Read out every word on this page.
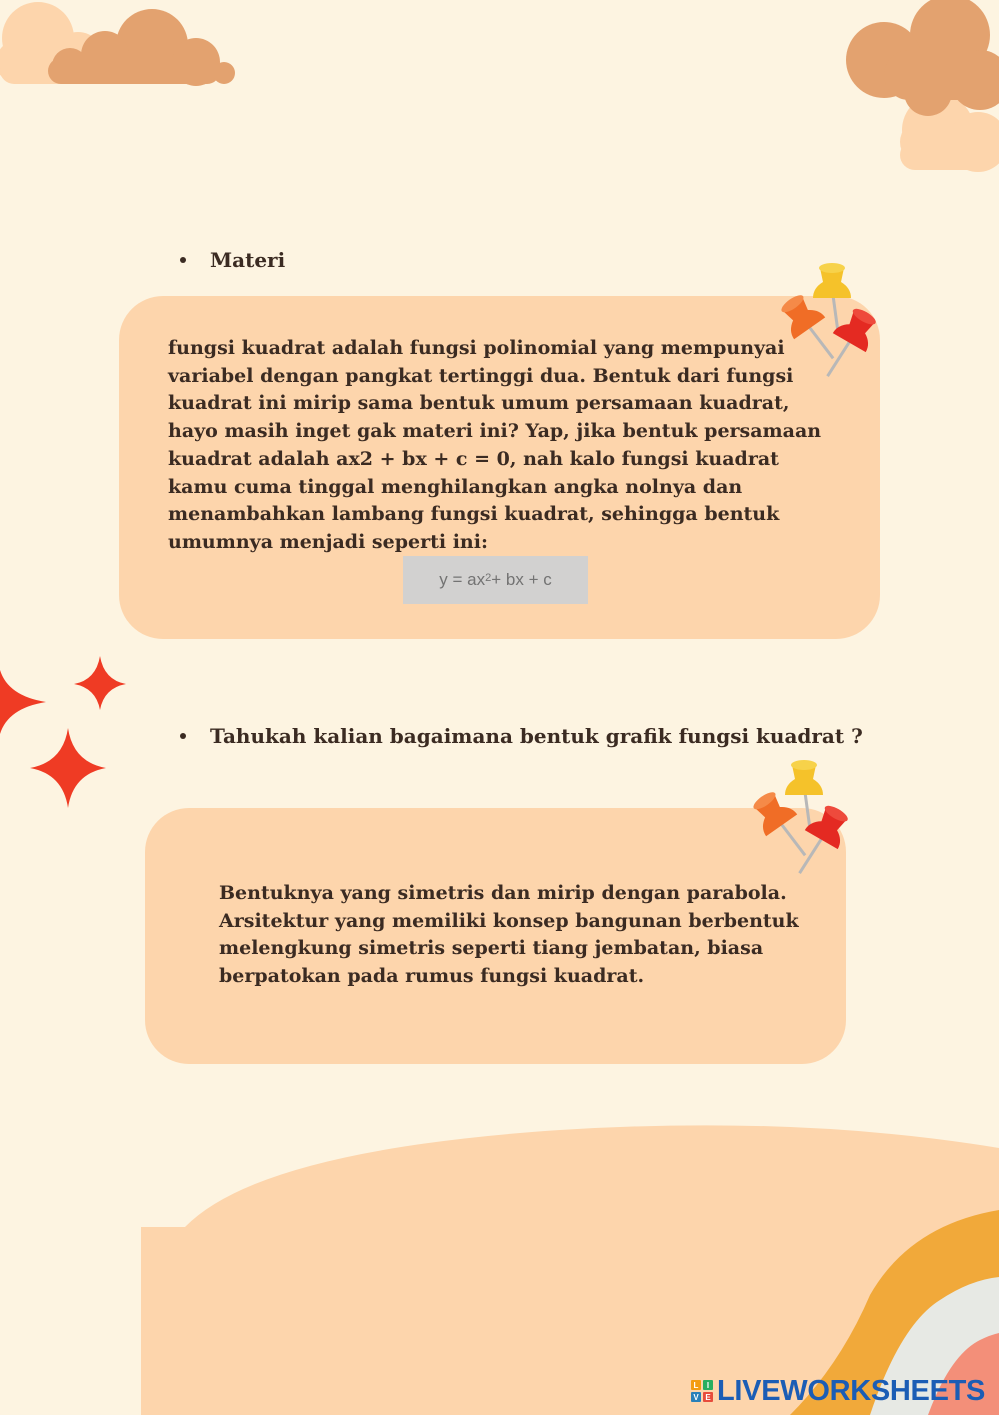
Materi

fungsi kuadrat adalah fungsi polinomial yang mempunyai variabel dengan pangkat tertinggi dua. Bentuk dari fungsi kuadrat ini mirip sama bentuk umum persamaan kuadrat, hayo masih inget gak materi ini? Yap, jika bentuk persamaan kuadrat adalah ax2 + bx + c = 0, nah kalo fungsi kuadrat kamu cuma tinggal menghilangkan angka nolnya dan menambahkan lambang fungsi kuadrat, sehingga bentuk umumnya menjadi seperti ini:

$y = ax^2$ + bx + c
Tahukah kalian bagaimana bentuk grafik fungsi kuadrat ?

Bentuknya yang simetris dan mirip dengan parabola. Arsitektur yang memiliki konsep bangunan berbentuk melengkung simetris seperti tiang jembatan, biasa berpatokan pada rumus fungsi kuadrat.

L	I
V E LIVEWORKSHEETS
